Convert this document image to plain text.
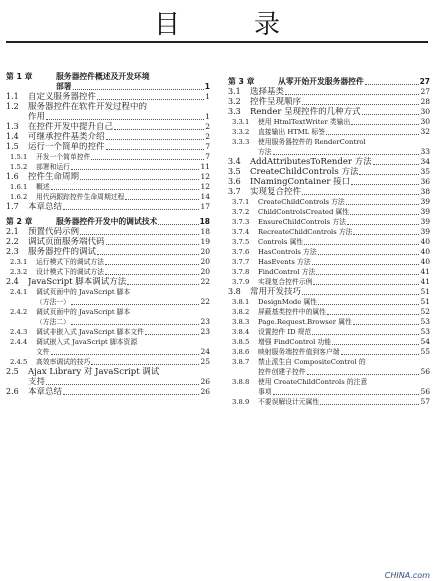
目　录
第 1 章	服务器控件概述及开发环境
部署	1
1.1	自定义服务器控件	1
1.2	服务器控件在软件开发过程中的
作用	1
1.3	在控件开发中提升自己	2
1.4	可继承控件基类介绍	2
1.5	运行一个简单的控件	7
1.5.1	开发一个简单控件	7
1.5.2	部署和运行	11
1.6	控件生命周期	12
1.6.1	概述	12
1.6.2	用代码跟踪控件生命周期过程	14
1.7	本章总结	17
第 2 章	服务器控件开发中的调试技术	18
2.1	预置代码示例	18
2.2	调试页面服务端代码	19
2.3	服务器控件的调试	20
2.3.1	运行模式下的调试方法	20
2.3.2	设计模式下的调试方法	20
2.4	JavaScript 脚本调试方法	22
2.4.1	调试页面中的 JavaScript 脚本
（方法一）	22
2.4.2	调试页面中的 JavaScript 脚本
（方法二）	23
2.4.3	调试非嵌入式 JavaScript 脚本文件	23
2.4.4	调试嵌入式 JavaScript 脚本资源
文件	24
2.4.5	高效率调试的技巧	25
2.5	Ajax Library 对 JavaScript 调试
支持	26
2.6	本章总结	26
第 3 章	从零开始开发服务器控件	27
3.1	选择基类	27
3.2	控件呈现顺序	28
3.3	Render 呈现控件的几种方式	30
3.3.1	使用 HtmlTextWriter 类输出	30
3.3.2	直接输出 HTML 标签	32
3.3.3	使用服务器控件的 RenderControl
方法	33
3.4	AddAttributesToRender 方法	34
3.5	CreateChildControls 方法	35
3.6	INamingContainer 接口	36
3.7	实现复合控件	38
3.7.1	CreateChildControls 方法	39
3.7.2	ChildControlsCreated 属性	39
3.7.3	EnsureChildControls 方法	39
3.7.4	RecreateChildControls 方法	39
3.7.5	Controls 属性	40
3.7.6	HasControls 方法	40
3.7.7	HasEvents 方法	40
3.7.8	FindControl 方法	41
3.7.9	实现复合控件示例	41
3.8	常用开发技巧	51
3.8.1	DesignMode 属性	51
3.8.2	屏蔽基类控件中的属性	52
3.8.3	Page.Request.Browser 属性	53
3.8.4	设置控件 ID 规范	53
3.8.5	增强 FindControl 功能	54
3.8.6	映射服务端控件值到客户端	55
3.8.7	禁止派生自 CompositeControl 的
控件创建子控件	56
3.8.8	使用 CreateChildControls 的注意
事项	56
3.8.9	不要误解设计元属性	57
CHINA.com
